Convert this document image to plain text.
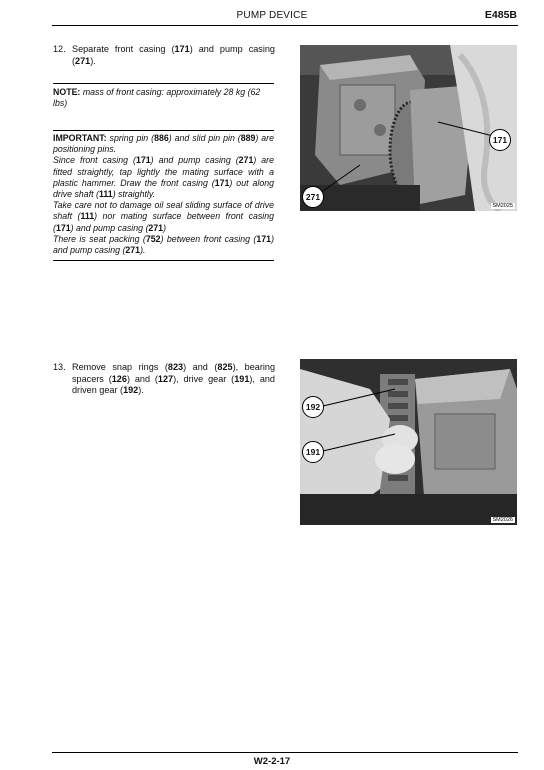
PUMP DEVICE	E485B
12. Separate front casing (171) and pump casing (271).
NOTE: mass of front casing: approximately 28 kg (62 lbs)
IMPORTANT: spring pin (886) and slid pin pin (889) are positioning pins.
Since front casing (171) and pump casing (271) are fitted straightly, tap lightly the mating surface with a plastic hammer. Draw the front casing (171) out along drive shaft (111) straightly.
Take care not to damage oil seal sliding surface of drive shaft (111) nor mating surface between front casing (171) and pump casing (271)
There is seat packing (752) between front casing (171) and pump casing (271).
171
271
SM2025
13. Remove snap rings (823) and (825), bearing spacers (126) and (127), drive gear (191), and driven gear (192).
192
191
SM2026
W2-2-17
